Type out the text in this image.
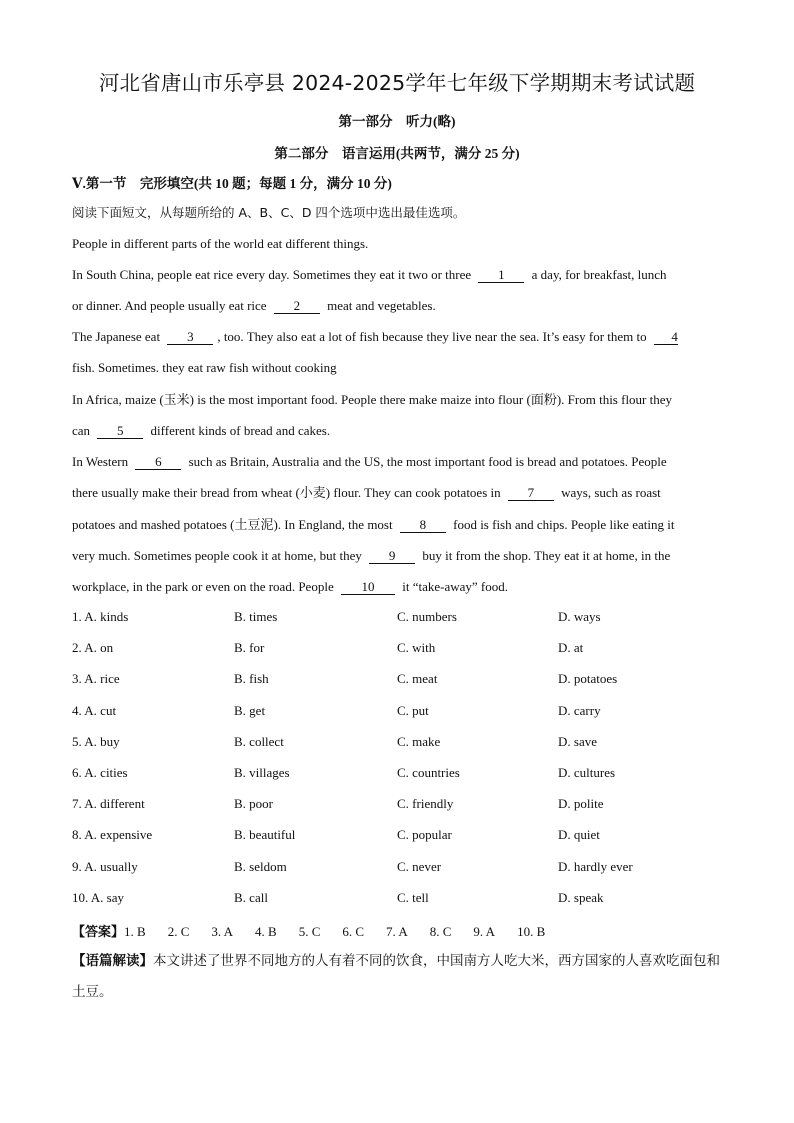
河北省唐山市乐亭县 2024-2025学年七年级下学期期末考试试题
第一部分　听力(略)
第二部分　语言运用(共两节，满分 25 分)
Ⅴ.第一节　完形填空(共 10 题；每题 1 分，满分 10 分)
阅读下面短文，从每题所给的 A、B、C、D 四个选项中选出最佳选项。
People in different parts of the world eat different things.
In South China, people eat rice every day. Sometimes they eat it two or three 1 a day, for breakfast, lunch
or dinner. And people usually eat rice 2 meat and vegetables.
The Japanese eat 3 , too. They also eat a lot of fish because they live near the sea. It’s easy for them to 4
fish. Sometimes. they eat raw fish without cooking
In Africa, maize (玉米) is the most important food. People there make maize into flour (面粉). From this flour they
can 5 different kinds of bread and cakes.
In Western 6 such as Britain, Australia and the US, the most important food is bread and potatoes. People
there usually make their bread from wheat (小麦) flour. They can cook potatoes in 7 ways, such as roast
potatoes and mashed potatoes (土豆泥). In England, the most 8 food is fish and chips. People like eating it
very much. Sometimes people cook it at home, but they 9 buy it from the shop. They eat it at home, in the
workplace, in the park or even on the road. People 10 it “take-away” food.
1. A. kinds	B. times	C. numbers	D. ways
2. A. on	B. for	C. with	D. at
3. A. rice	B. fish	C. meat	D. potatoes
4. A. cut	B. get	C. put	D. carry
5. A. buy	B. collect	C. make	D. save
6. A. cities	B. villages	C. countries	D. cultures
7. A. different	B. poor	C. friendly	D. polite
8. A. expensive	B. beautiful	C. popular	D. quiet
9. A. usually	B. seldom	C. never	D. hardly ever
10. A. say	B. call	C. tell	D. speak
【答案】1. B 2. C 3. A 4. B 5. C 6. C 7. A 8. C 9. A 10. B
【语篇解读】本文讲述了世界不同地方的人有着不同的饮食，中国南方人吃大米，西方国家的人喜欢吃面包和土豆。
